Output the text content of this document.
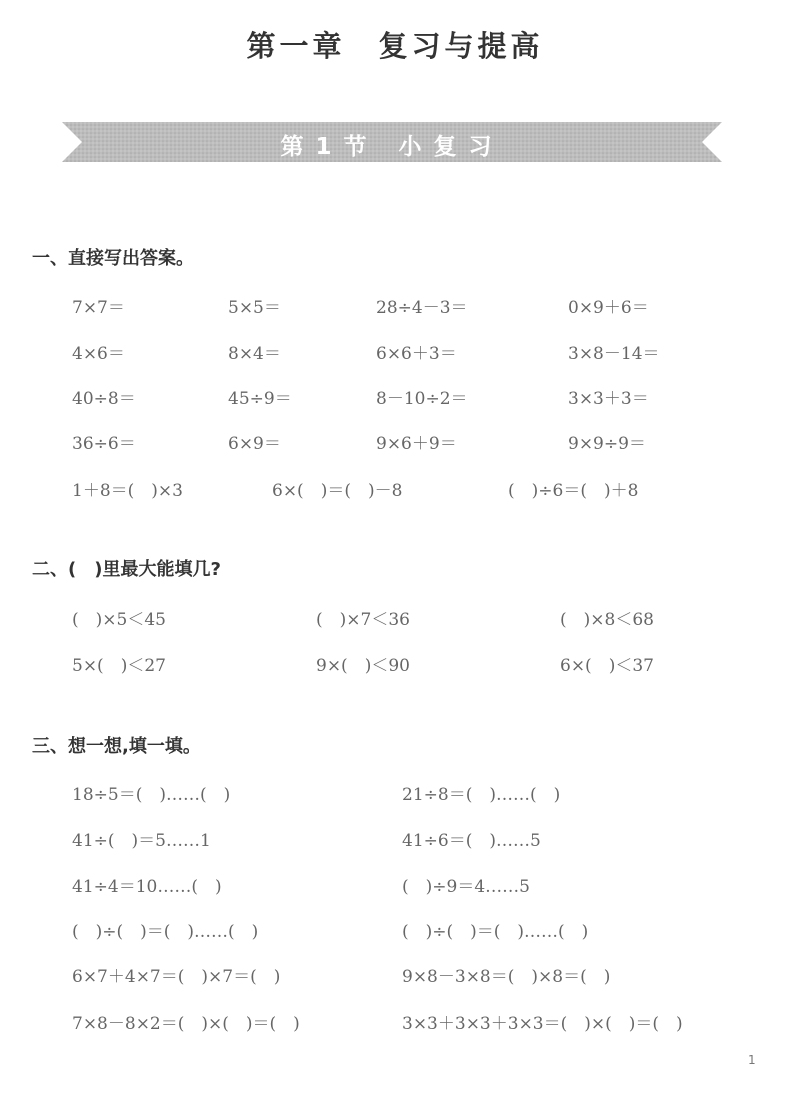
第一章　复习与提高
第1节 小复习
一、直接写出答案。
7×7＝	5×5＝	28÷4－3＝	0×9＋6＝
4×6＝	8×4＝	6×6＋3＝	3×8－14＝
40÷8＝	45÷9＝	8－10÷2＝	3×3＋3＝
36÷6＝	6×9＝	9×6＋9＝	9×9÷9＝
1＋8＝(　)×3	6×(　)＝(　)－8	(　)÷6＝(　)＋8
二、(　)里最大能填几?
(　)×5＜45	(　)×7＜36	(　)×8＜68
5×(　)＜27	9×(　)＜90	6×(　)＜37
三、想一想,填一填。
18÷5＝(　)……(　)	21÷8＝(　)……(　)
41÷(　)＝5……1	41÷6＝(　)……5
41÷4＝10……(　)	(　)÷9＝4……5
(　)÷(　)＝(　)……(　)	(　)÷(　)＝(　)……(　)
6×7＋4×7＝(　)×7＝(　)	9×8－3×8＝(　)×8＝(　)
7×8－8×2＝(　)×(　)＝(　)	3×3＋3×3＋3×3＝(　)×(　)＝(　)
1
